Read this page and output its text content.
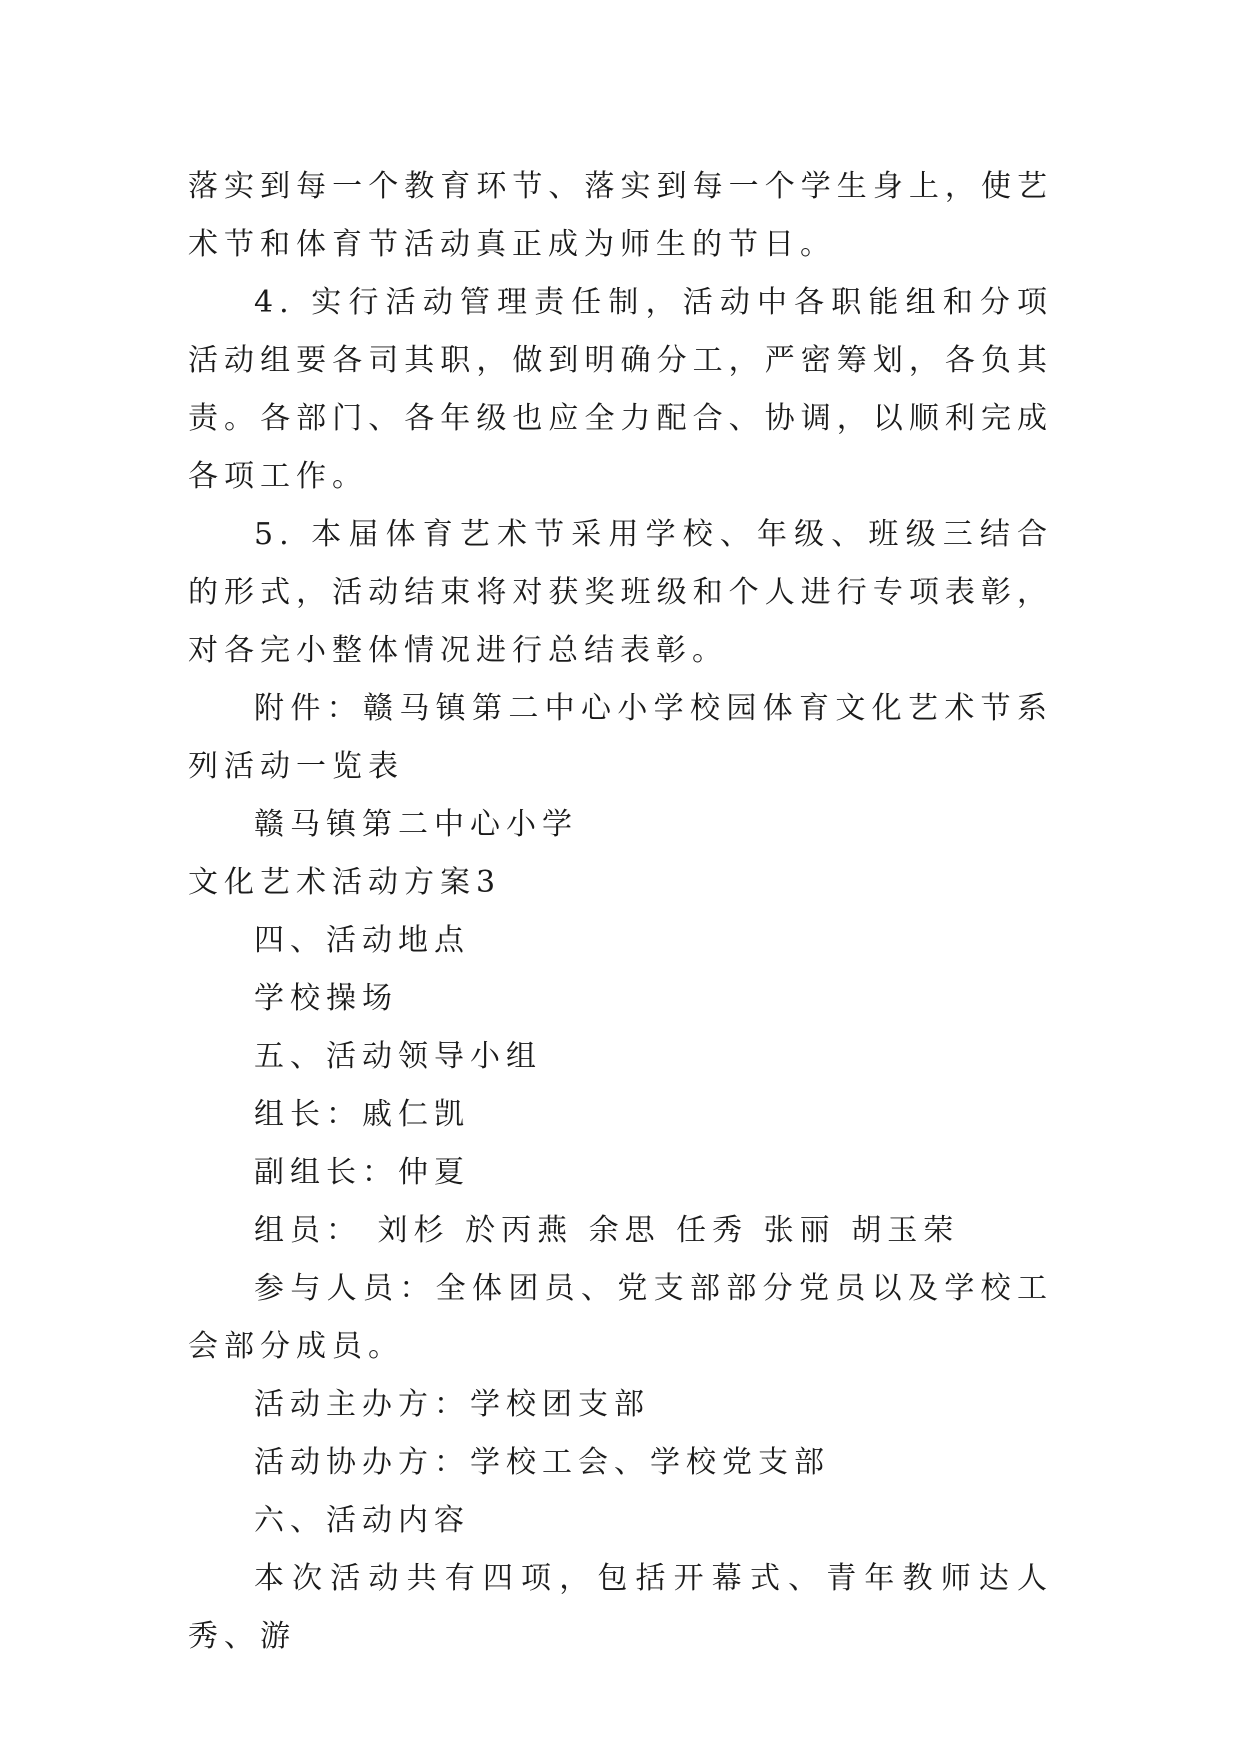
落实到每一个教育环节、落实到每一个学生身上，使艺术节和体育节活动真正成为师生的节日。

4. 实行活动管理责任制，活动中各职能组和分项活动组要各司其职，做到明确分工，严密筹划，各负其责。各部门、各年级也应全力配合、协调，以顺利完成各项工作。

5. 本届体育艺术节采用学校、年级、班级三结合的形式，活动结束将对获奖班级和个人进行专项表彰，对各完小整体情况进行总结表彰。

附件：赣马镇第二中心小学校园体育文化艺术节系列活动一览表

赣马镇第二中心小学

文化艺术活动方案3

四、活动地点

学校操场

五、活动领导小组

组长：戚仁凯

副组长：仲夏

组员： 刘杉 於丙燕 余思 任秀 张丽 胡玉荣

参与人员：全体团员、党支部部分党员以及学校工会部分成员。

活动主办方：学校团支部

活动协办方：学校工会、学校党支部

六、活动内容

本次活动共有四项，包括开幕式、青年教师达人秀、游
